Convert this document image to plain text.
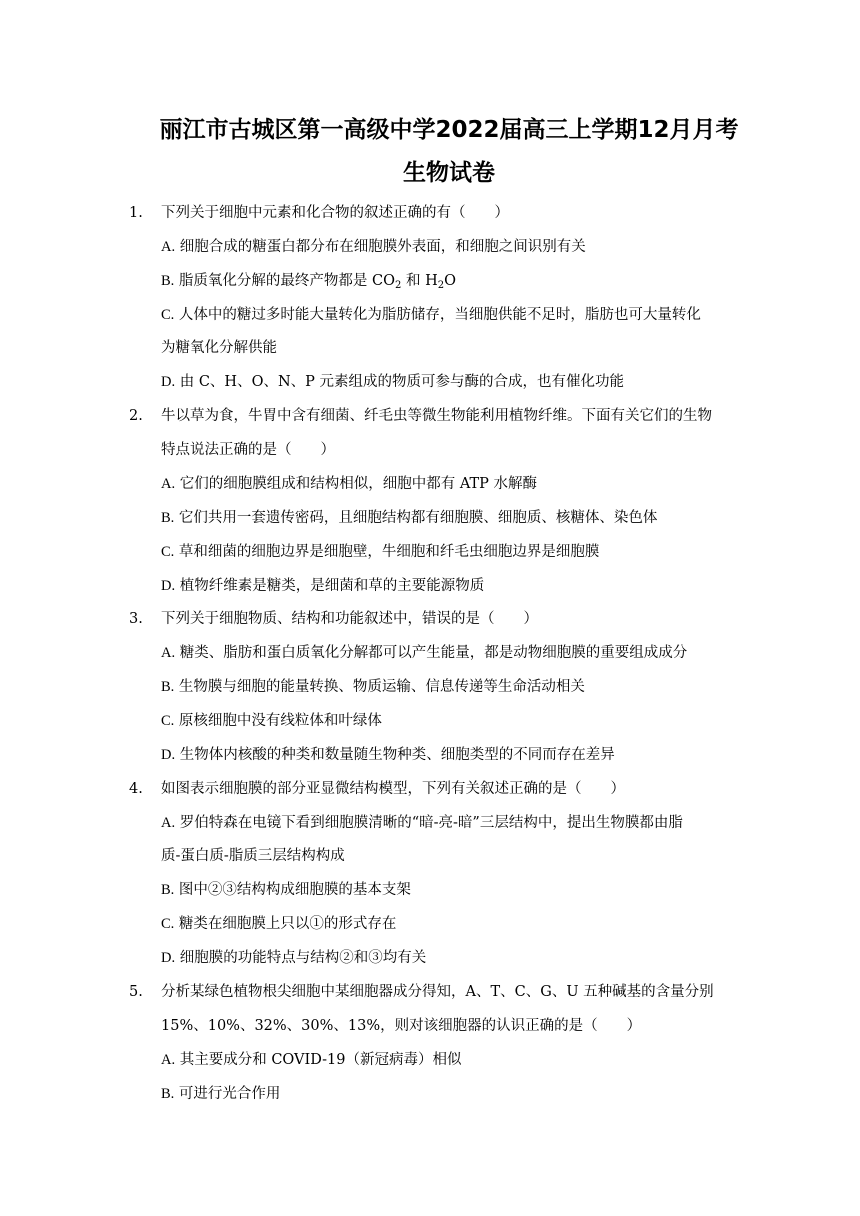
丽江市古城区第一高级中学2022届高三上学期12月月考
生物试卷
1. 下列关于细胞中元素和化合物的叙述正确的有（　　）
A. 细胞合成的糖蛋白都分布在细胞膜外表面，和细胞之间识别有关
B. 脂质氧化分解的最终产物都是 $CO_2$ 和 $H_2O$
C. 人体中的糖过多时能大量转化为脂肪储存，当细胞供能不足时，脂肪也可大量转化
为糖氧化分解供能
D. 由 C、H、O、N、P 元素组成的物质可参与酶的合成，也有催化功能
2. 牛以草为食，牛胃中含有细菌、纤毛虫等微生物能利用植物纤维。下面有关它们的生物
特点说法正确的是（　　）
A. 它们的细胞膜组成和结构相似，细胞中都有 ATP 水解酶
B. 它们共用一套遗传密码，且细胞结构都有细胞膜、细胞质、核糖体、染色体
C. 草和细菌的细胞边界是细胞壁，牛细胞和纤毛虫细胞边界是细胞膜
D. 植物纤维素是糖类，是细菌和草的主要能源物质
3. 下列关于细胞物质、结构和功能叙述中，错误的是（　　）
A. 糖类、脂肪和蛋白质氧化分解都可以产生能量，都是动物细胞膜的重要组成成分
B. 生物膜与细胞的能量转换、物质运输、信息传递等生命活动相关
C. 原核细胞中没有线粒体和叶绿体
D. 生物体内核酸的种类和数量随生物种类、细胞类型的不同而存在差异
4. 如图表示细胞膜的部分亚显微结构模型，下列有关叙述正确的是（　　）
A. 罗伯特森在电镜下看到细胞膜清晰的“暗-亮-暗”三层结构中，提出生物膜都由脂
质-蛋白质-脂质三层结构构成
B. 图中②③结构构成细胞膜的基本支架
C. 糖类在细胞膜上只以①的形式存在
D. 细胞膜的功能特点与结构②和③均有关
5. 分析某绿色植物根尖细胞中某细胞器成分得知，A、T、C、G、U 五种碱基的含量分别
15%、10%、32%、30%、13%，则对该细胞器的认识正确的是（　　）
A. 其主要成分和 COVID-19（新冠病毒）相似
B. 可进行光合作用
